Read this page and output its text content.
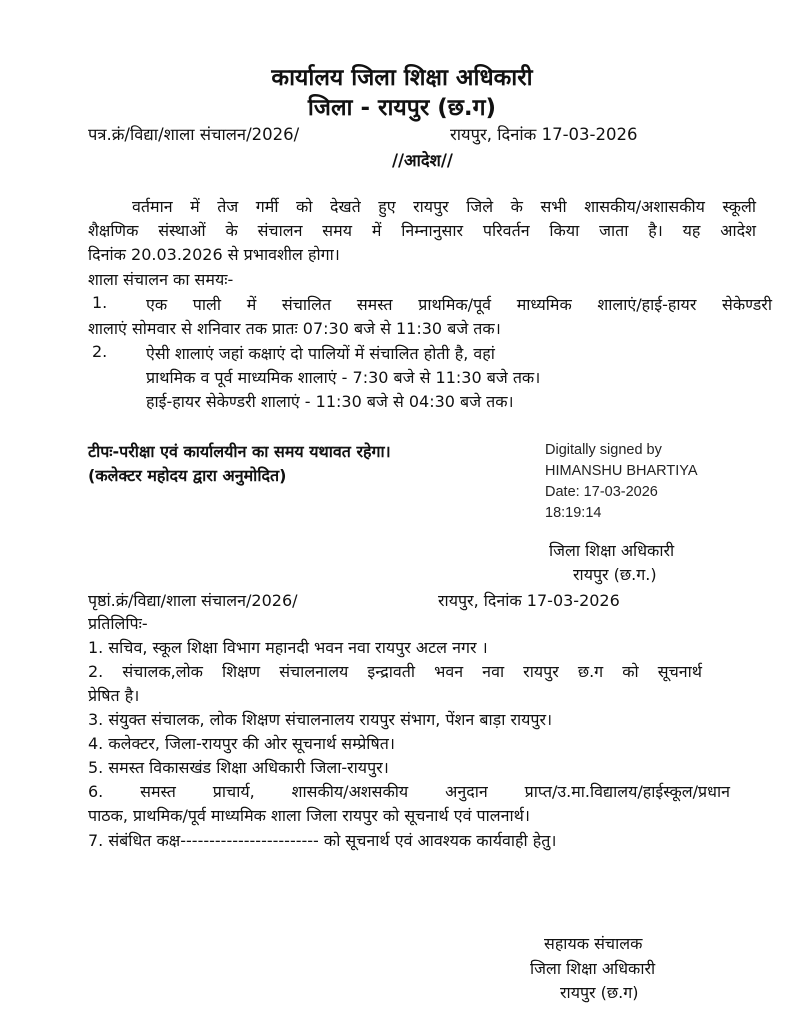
कार्यालय जिला शिक्षा अधिकारी
जिला - रायपुर (छ.ग)
पत्र.क्रं/विद्या/शाला संचालन/2026/	रायपुर, दिनांक 17-03-2026
//आदेश//
वर्तमान में तेज गर्मी को देखते हुए रायपुर जिले के सभी शासकीय/अशासकीय स्कूली
शैक्षणिक संस्थाओं के संचालन समय में निम्नानुसार परिवर्तन किया जाता है। यह आदेश
दिनांक 20.03.2026 से प्रभावशील होगा।
शाला संचालन का समयः-
1. एक पाली में संचालित समस्त प्राथमिक/पूर्व माध्यमिक शालाएं/हाई-हायर सेकेण्डरी
शालाएं सोमवार से शनिवार तक प्रातः 07:30 बजे से 11:30 बजे तक।
2. ऐसी शालाएं जहां कक्षाएं दो पालियों में संचालित होती है, वहां
प्राथमिक व पूर्व माध्यमिक शालाएं - 7:30 बजे से 11:30 बजे तक।
हाई-हायर सेकेण्डरी शालाएं - 11:30 बजे से 04:30 बजे तक।
टीपः-परीक्षा एवं कार्यालयीन का समय यथावत रहेगा।
(कलेक्टर महोदय द्वारा अनुमोदित)
Digitally signed by
HIMANSHU BHARTIYA
Date: 17-03-2026
18:19:14
जिला शिक्षा अधिकारी
रायपुर (छ.ग.)
पृष्ठां.क्रं/विद्या/शाला संचालन/2026/	रायपुर, दिनांक 17-03-2026
प्रतिलिपिः-
1. सचिव, स्कूल शिक्षा विभाग महानदी भवन नवा रायपुर अटल नगर ।
2. संचालक,लोक शिक्षण संचालनालय इन्द्रावती भवन नवा रायपुर छ.ग को सूचनार्थ
प्रेषित है।
3. संयुक्त संचालक, लोक शिक्षण संचालनालय रायपुर संभाग, पेंशन बाड़ा रायपुर।
4. कलेक्टर, जिला-रायपुर की ओर सूचनार्थ सम्प्रेषित।
5. समस्त विकासखंड शिक्षा अधिकारी जिला-रायपुर।
6. समस्त प्राचार्य, शासकीय/अशसकीय अनुदान प्राप्त/उ.मा.विद्यालय/हाईस्कूल/प्रधान
पाठक, प्राथमिक/पूर्व माध्यमिक शाला जिला रायपुर को सूचनार्थ एवं पालनार्थ।
7. संबंधित कक्ष------------------------ को सूचनार्थ एवं आवश्यक कार्यवाही हेतु।
सहायक संचालक
जिला शिक्षा अधिकारी
रायपुर (छ.ग)
